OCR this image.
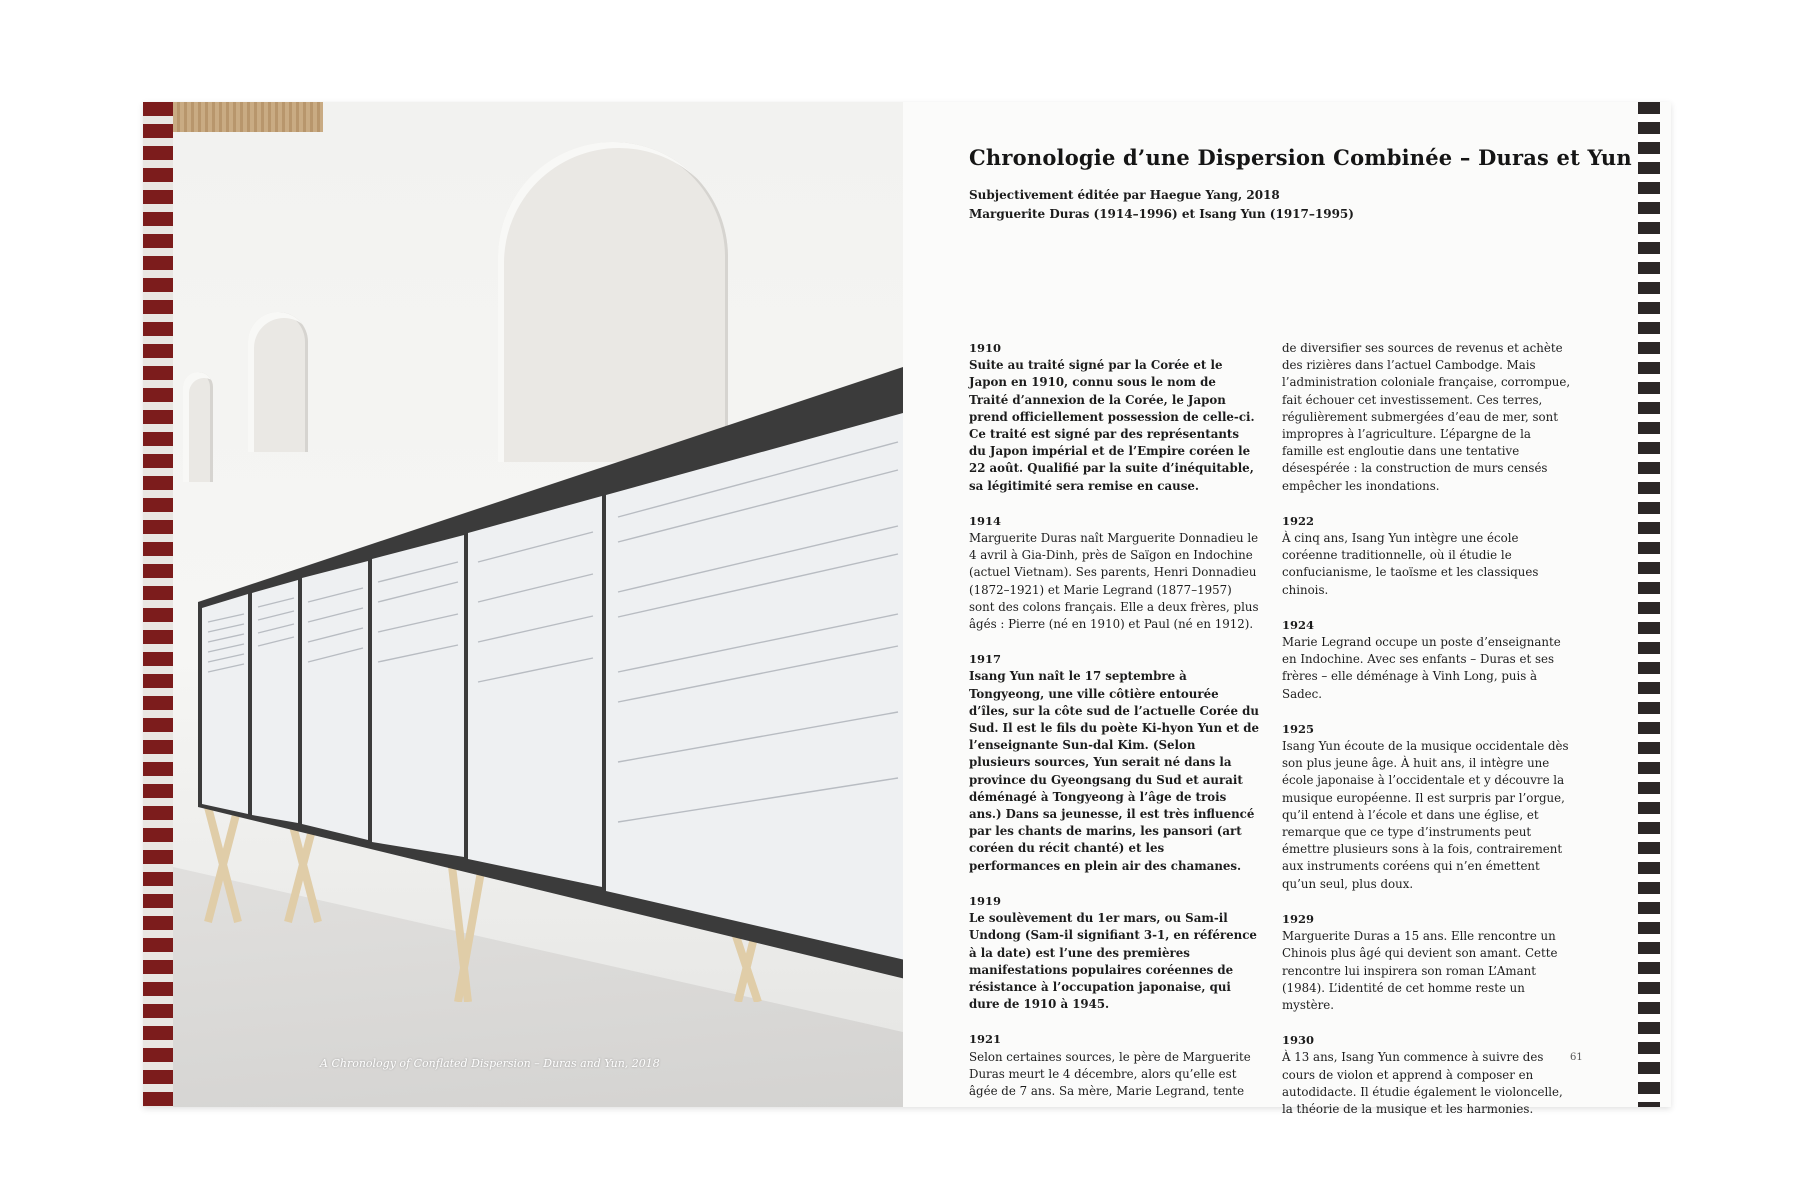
A Chronology of Conflated Dispersion – Duras and Yun, 2018
Chronologie d’une Dispersion Combinée – Duras et Yun
Subjectivement éditée par Haegue Yang, 2018
Marguerite Duras (1914–1996) et Isang Yun (1917–1995)
1910
Suite au traité signé par la Corée et le Japon en 1910, connu sous le nom de Traité d’annexion de la Corée, le Japon prend officiellement possession de celle-ci. Ce traité est signé par des représentants du Japon impérial et de l’Empire coréen le 22 août. Qualifié par la suite d’inéquitable, sa légitimité sera remise en cause.
1914
Marguerite Duras naît Marguerite Donnadieu le 4 avril à Gia-Dinh, près de Saïgon en Indochine (actuel Vietnam). Ses parents, Henri Donnadieu (1872–1921) et Marie Legrand (1877–1957) sont des colons français. Elle a deux frères, plus âgés : Pierre (né en 1910) et Paul (né en 1912).
1917
Isang Yun naît le 17 septembre à Tongyeong, une ville côtière entourée d’îles, sur la côte sud de l’actuelle Corée du Sud. Il est le fils du poète Ki-hyon Yun et de l’enseignante Sun-dal Kim. (Selon plusieurs sources, Yun serait né dans la province du Gyeongsang du Sud et aurait déménagé à Tongyeong à l’âge de trois ans.) Dans sa jeunesse, il est très influencé par les chants de marins, les pansori (art coréen du récit chanté) et les performances en plein air des chamanes.
1919
Le soulèvement du 1er mars, ou Sam-il Undong (Sam-il signifiant 3-1, en référence à la date) est l’une des premières manifestations populaires coréennes de résistance à l’occupation japonaise, qui dure de 1910 à 1945.
1921
Selon certaines sources, le père de Marguerite Duras meurt le 4 décembre, alors qu’elle est âgée de 7 ans. Sa mère, Marie Legrand, tente
de diversifier ses sources de revenus et achète des rizières dans l’actuel Cambodge. Mais l’administration coloniale française, corrompue, fait échouer cet investissement. Ces terres, régulièrement submergées d’eau de mer, sont impropres à l’agriculture. L’épargne de la famille est engloutie dans une tentative désespérée : la construction de murs censés empêcher les inondations.
1922
À cinq ans, Isang Yun intègre une école coréenne traditionnelle, où il étudie le confucianisme, le taoïsme et les classiques chinois.
1924
Marie Legrand occupe un poste d’enseignante en Indochine. Avec ses enfants – Duras et ses frères – elle déménage à Vinh Long, puis à Sadec.
1925
Isang Yun écoute de la musique occidentale dès son plus jeune âge. À huit ans, il intègre une école japonaise à l’occidentale et y découvre la musique européenne. Il est surpris par l’orgue, qu’il entend à l’école et dans une église, et remarque que ce type d’instruments peut émettre plusieurs sons à la fois, contrairement aux instruments coréens qui n’en émettent qu’un seul, plus doux.
1929
Marguerite Duras a 15 ans. Elle rencontre un Chinois plus âgé qui devient son amant. Cette rencontre lui inspirera son roman L’Amant (1984). L’identité de cet homme reste un mystère.
1930
À 13 ans, Isang Yun commence à suivre des cours de violon et apprend à composer en autodidacte. Il étudie également le violoncelle, la théorie de la musique et les harmonies.
61
